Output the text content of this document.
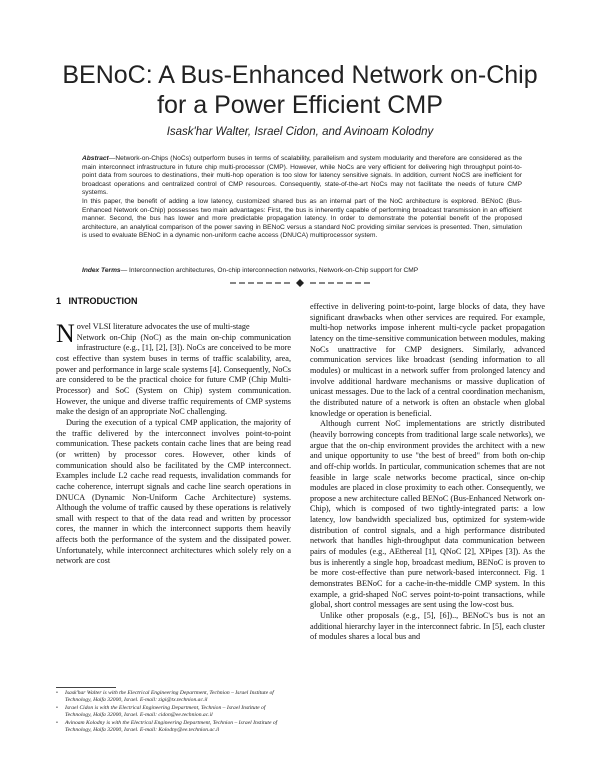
BENoC: A Bus-Enhanced Network on-Chip
for a Power Efficient CMP
Isask'har Walter, Israel Cidon, and Avinoam Kolodny

Abstract—Network-on-Chips (NoCs) outperform buses in terms of scalability, parallelism and system modularity and therefore are considered as the main interconnect infrastructure in future chip multi-processor (CMP). However, while NoCs are very efficient for delivering high throughput point-to-point data from sources to destinations, their multi-hop operation is too slow for latency sensitive signals. In addition, current NoCS are inefficient for broadcast operations and centralized control of CMP resources. Consequently, state-of-the-art NoCs may not facilitate the needs of future CMP systems.

In this paper, the benefit of adding a low latency, customized shared bus as an internal part of the NoC architecture is explored. BENoC (Bus-Enhanced Network on-Chip) possesses two main advantages: First, the bus is inherently capable of performing broadcast transmission in an efficient manner. Second, the bus has lower and more predictable propagation latency. In order to demonstrate the potential benefit of the proposed architecture, an analytical comparison of the power saving in BENoC versus a standard NoC providing similar services is presented. Then, simulation is used to evaluate BENoC in a dynamic non-uniform cache access (DNUCA) multiprocessor system.

Index Terms— Interconnection architectures, On-chip interconnection networks, Network-on-Chip support for CMP
1 INTRODUCTION

Novel VLSI literature advocates the use of multi-stage
Network on-Chip (NoC) as the main on-chip communication infrastructure (e.g., [1], [2], [3]). NoCs are conceived to be more cost effective than system buses in terms of traffic scalability, area, power and performance in large scale systems [4]. Consequently, NoCs are considered to be the practical choice for future CMP (Chip Multi-Processor) and SoC (System on Chip) system communication. However, the unique and diverse traffic requirements of CMP systems make the design of an appropriate NoC challenging.

During the execution of a typical CMP application, the majority of the traffic delivered by the interconnect involves point-to-point communication. These packets contain cache lines that are being read (or written) by processor cores. However, other kinds of communication should also be facilitated by the CMP interconnect. Examples include L2 cache read requests, invalidation commands for cache coherence, interrupt signals and cache line search operations in DNUCA (Dynamic Non-Uniform Cache Architecture) systems. Although the volume of traffic caused by these operations is relatively small with respect to that of the data read and written by processor cores, the manner in which the interconnect supports them heavily affects both the performance of the system and the dissipated power. Unfortunately, while interconnect architectures which solely rely on a network are cost

effective in delivering point-to-point, large blocks of data, they have significant drawbacks when other services are required. For example, multi-hop networks impose inherent multi-cycle packet propagation latency on the time-sensitive communication between modules, making NoCs unattractive for CMP designers. Similarly, advanced communication services like broadcast (sending information to all modules) or multicast in a network suffer from prolonged latency and involve additional hardware mechanisms or massive duplication of unicast messages. Due to the lack of a central coordination mechanism, the distributed nature of a network is often an obstacle when global knowledge or operation is beneficial.

Although current NoC implementations are strictly distributed (heavily borrowing concepts from traditional large scale networks), we argue that the on-chip environment provides the architect with a new and unique opportunity to use "the best of breed" from both on-chip and off-chip worlds. In particular, communication schemes that are not feasible in large scale networks become practical, since on-chip modules are placed in close proximity to each other. Consequently, we propose a new architecture called BENoC (Bus-Enhanced Network on-Chip), which is composed of two tightly-integrated parts: a low latency, low bandwidth specialized bus, optimized for system-wide distribution of control signals, and a high performance distributed network that handles high-throughput data communication between pairs of modules (e.g., AEthereal [1], QNoC [2], XPipes [3]). As the bus is inherently a single hop, broadcast medium, BENoC is proven to be more cost-effective than pure network-based interconnect. Fig. 1 demonstrates BENoC for a cache-in-the-middle CMP system. In this example, a grid-shaped NoC serves point-to-point transactions, while global, short control messages are sent using the low-cost bus.

Unlike other proposals (e.g., [5], [6]).., BENoC's bus is not an additional hierarchy layer in the interconnect fabric. In [5], each cluster of modules shares a local bus and

• Isask'har Walter is with the Electrical Engineering Department, Technion – Israel Institute of Technology, Haifa 32000, Israel. E-mail: zigi@tx.technion.ac.il
• Israel Cidon is with the Electrical Engineering Department, Technion – Israel Institute of Technology, Haifa 32000, Israel. E-mail: cidon@ee.technion.ac.il
• Avinoam Kolodny is with the Electrical Engineering Department, Technion – Israel Institute of Technology, Haifa 32000, Israel. E-mail: Kolodny@ee.technion.ac.il
